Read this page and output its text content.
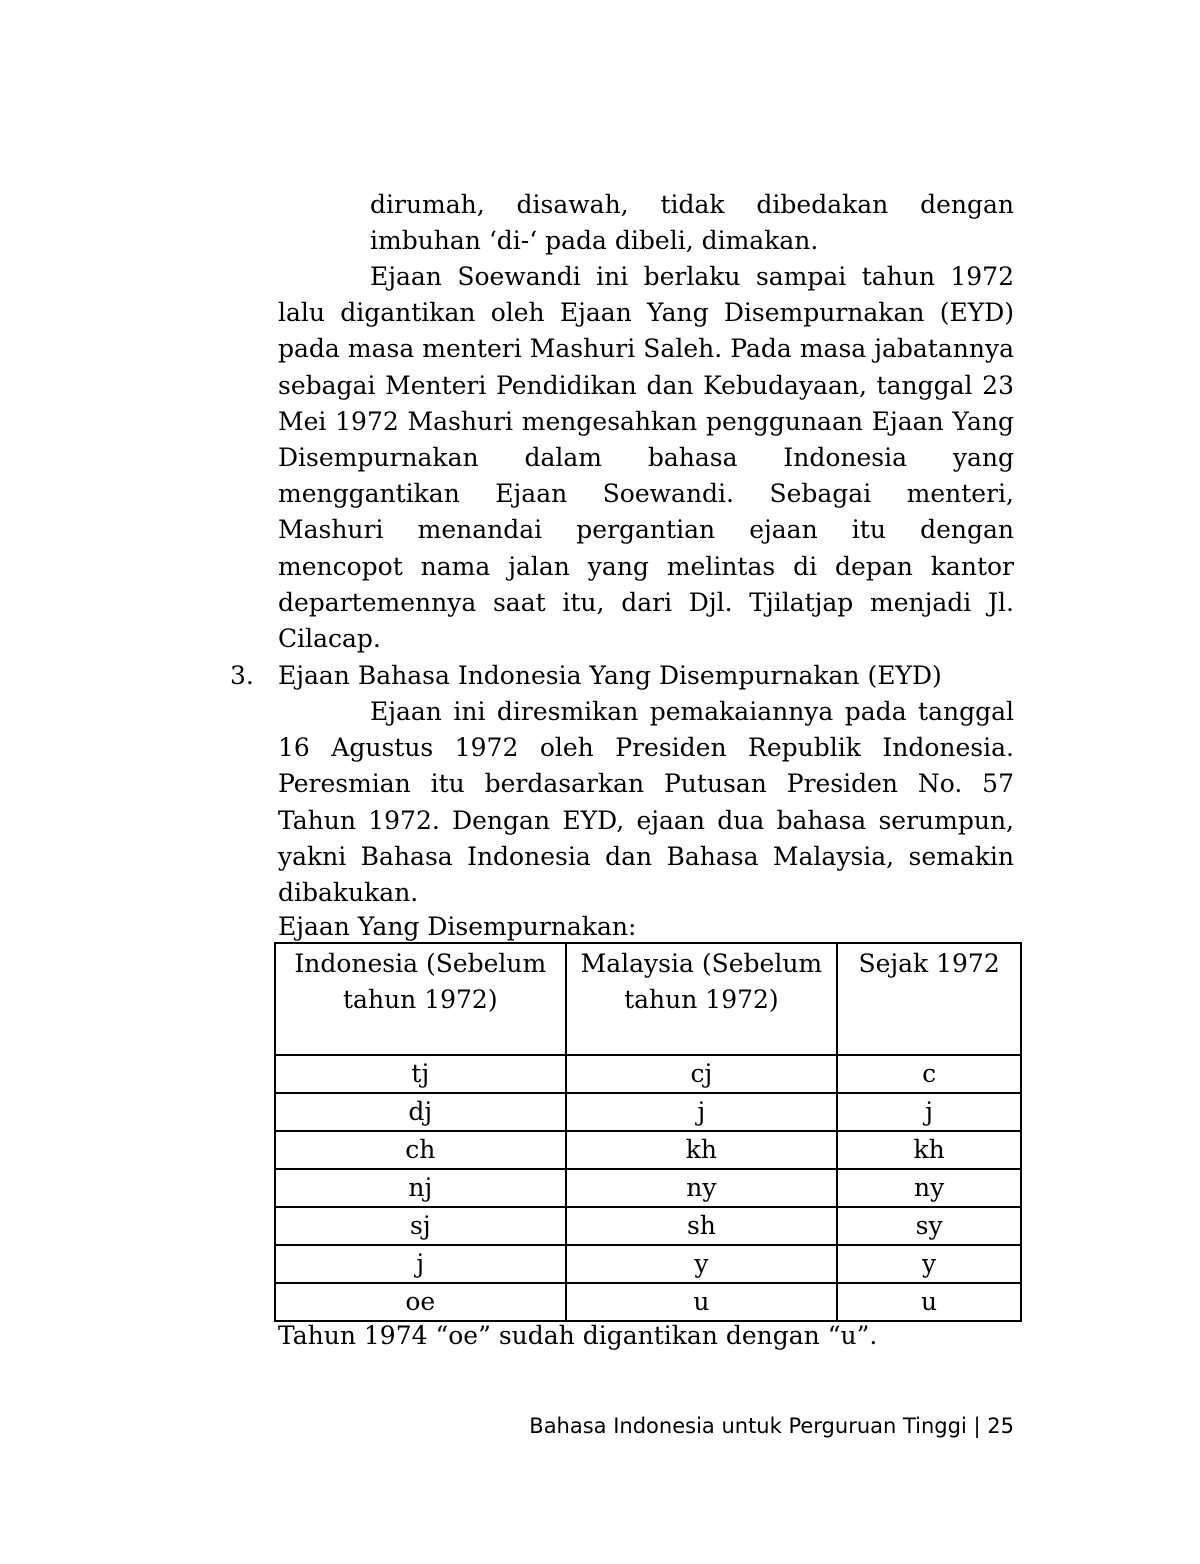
dirumah, disawah, tidak dibedakan dengan imbuhan ‘di-‘ pada dibeli, dimakan.
Ejaan Soewandi ini berlaku sampai tahun 1972 lalu digantikan oleh Ejaan Yang Disempurnakan (EYD) pada masa menteri Mashuri Saleh. Pada masa jabatannya sebagai Menteri Pendidikan dan Kebudayaan, tanggal 23 Mei 1972 Mashuri mengesahkan penggunaan Ejaan Yang Disempurnakan dalam bahasa Indonesia yang menggantikan Ejaan Soewandi. Sebagai menteri, Mashuri menandai pergantian ejaan itu dengan mencopot nama jalan yang melintas di depan kantor departemennya saat itu, dari Djl. Tjilatjap menjadi Jl. Cilacap.
3. Ejaan Bahasa Indonesia Yang Disempurnakan (EYD)
Ejaan ini diresmikan pemakaiannya pada tanggal 16 Agustus 1972 oleh Presiden Republik Indonesia. Peresmian itu berdasarkan Putusan Presiden No. 57 Tahun 1972. Dengan EYD, ejaan dua bahasa serumpun, yakni Bahasa Indonesia dan Bahasa Malaysia, semakin dibakukan.
Ejaan Yang Disempurnakan:
Indonesia (Sebelum tahun 1972)	Malaysia (Sebelum tahun 1972)	Sejak 1972
tj	cj	c
dj	j	j
ch	kh	kh
nj	ny	ny
sj	sh	sy
j	y	y
oe	u	u
Tahun 1974 “oe” sudah digantikan dengan “u”.
Bahasa Indonesia untuk Perguruan Tinggi | 25
